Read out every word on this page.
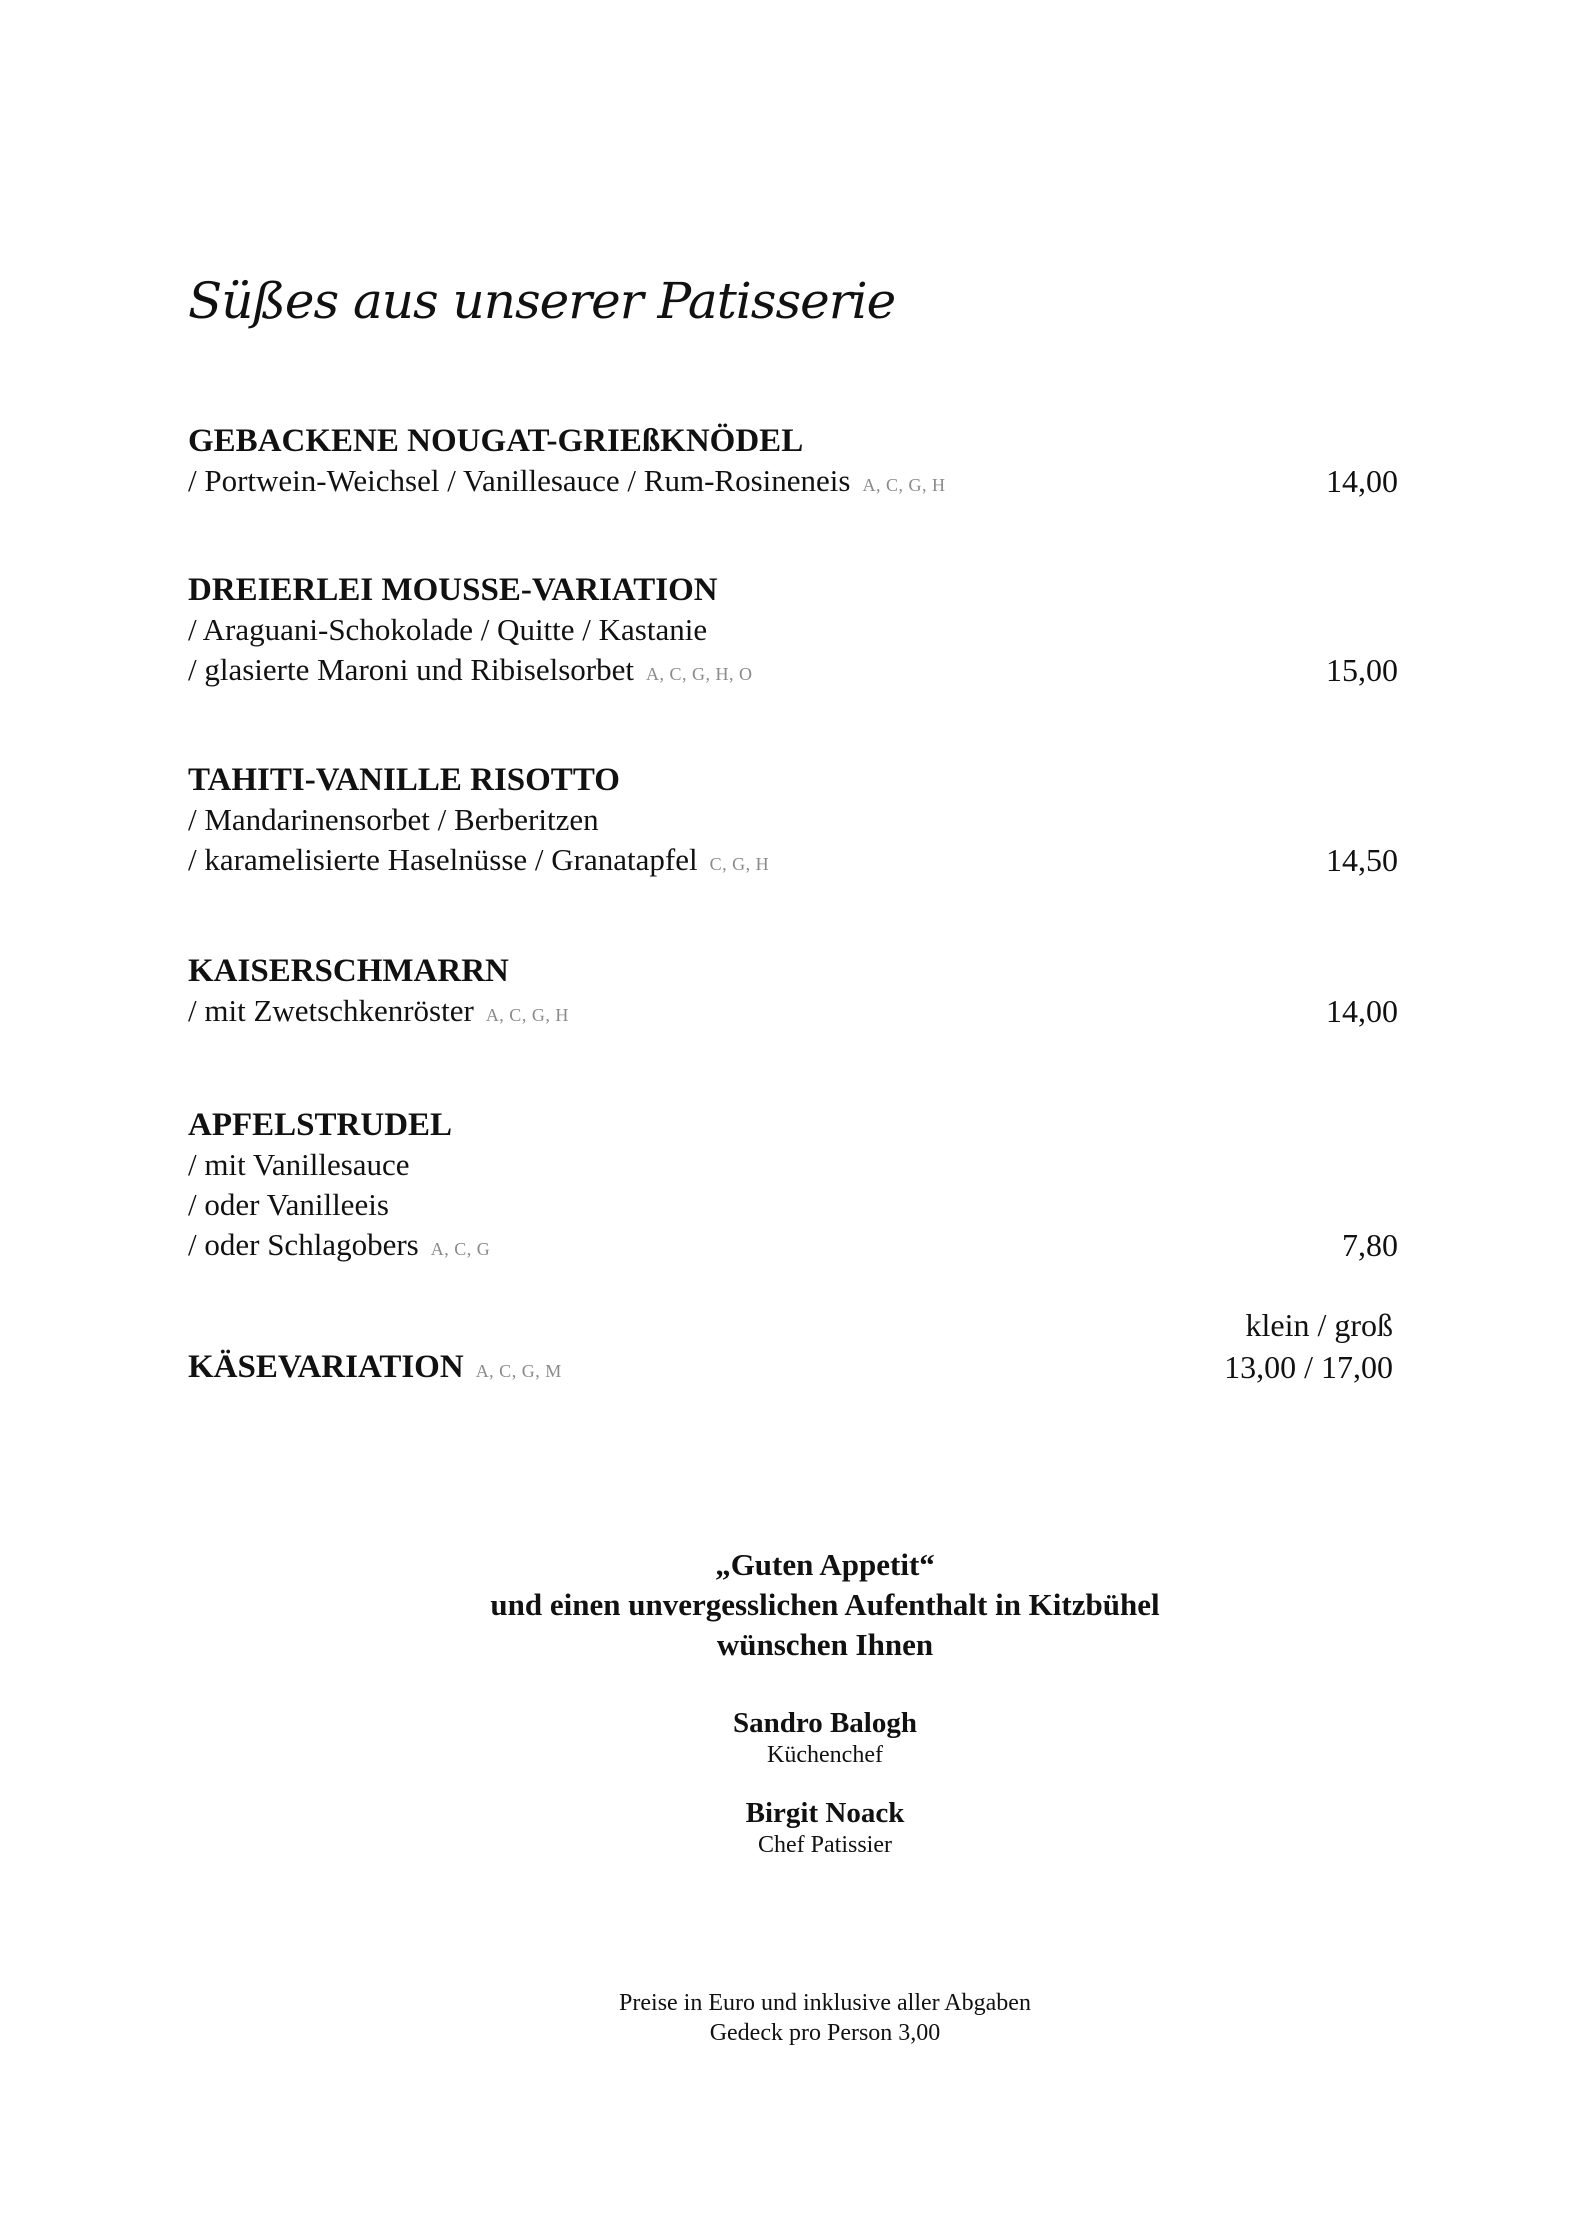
Süßes aus unserer Patisserie
GEBACKENE NOUGAT-GRIEßKNÖDEL
/ Portwein-Weichsel / Vanillesauce / Rum-Rosineneis A, C, G, H	14,00
DREIERLEI MOUSSE-VARIATION
/ Araguani-Schokolade / Quitte / Kastanie
/ glasierte Maroni und Ribiselsorbet A, C, G, H, O	15,00
TAHITI-VANILLE RISOTTO
/ Mandarinensorbet / Berberitzen
/ karamelisierte Haselnüsse / Granatapfel C, G, H	14,50
KAISERSCHMARRN
/ mit Zwetschkenröster A, C, G, H	14,00
APFELSTRUDEL
/ mit Vanillesauce
/ oder Vanilleeis
/ oder Schlagobers A, C, G	7,80
klein / groß
KÄSEVARIATION A, C, G, M	13,00 / 17,00
„Guten Appetit“
und einen unvergesslichen Aufenthalt in Kitzbühel
wünschen Ihnen
Sandro Balogh
Küchenchef
Birgit Noack
Chef Patissier
Preise in Euro und inklusive aller Abgaben
Gedeck pro Person 3,00
